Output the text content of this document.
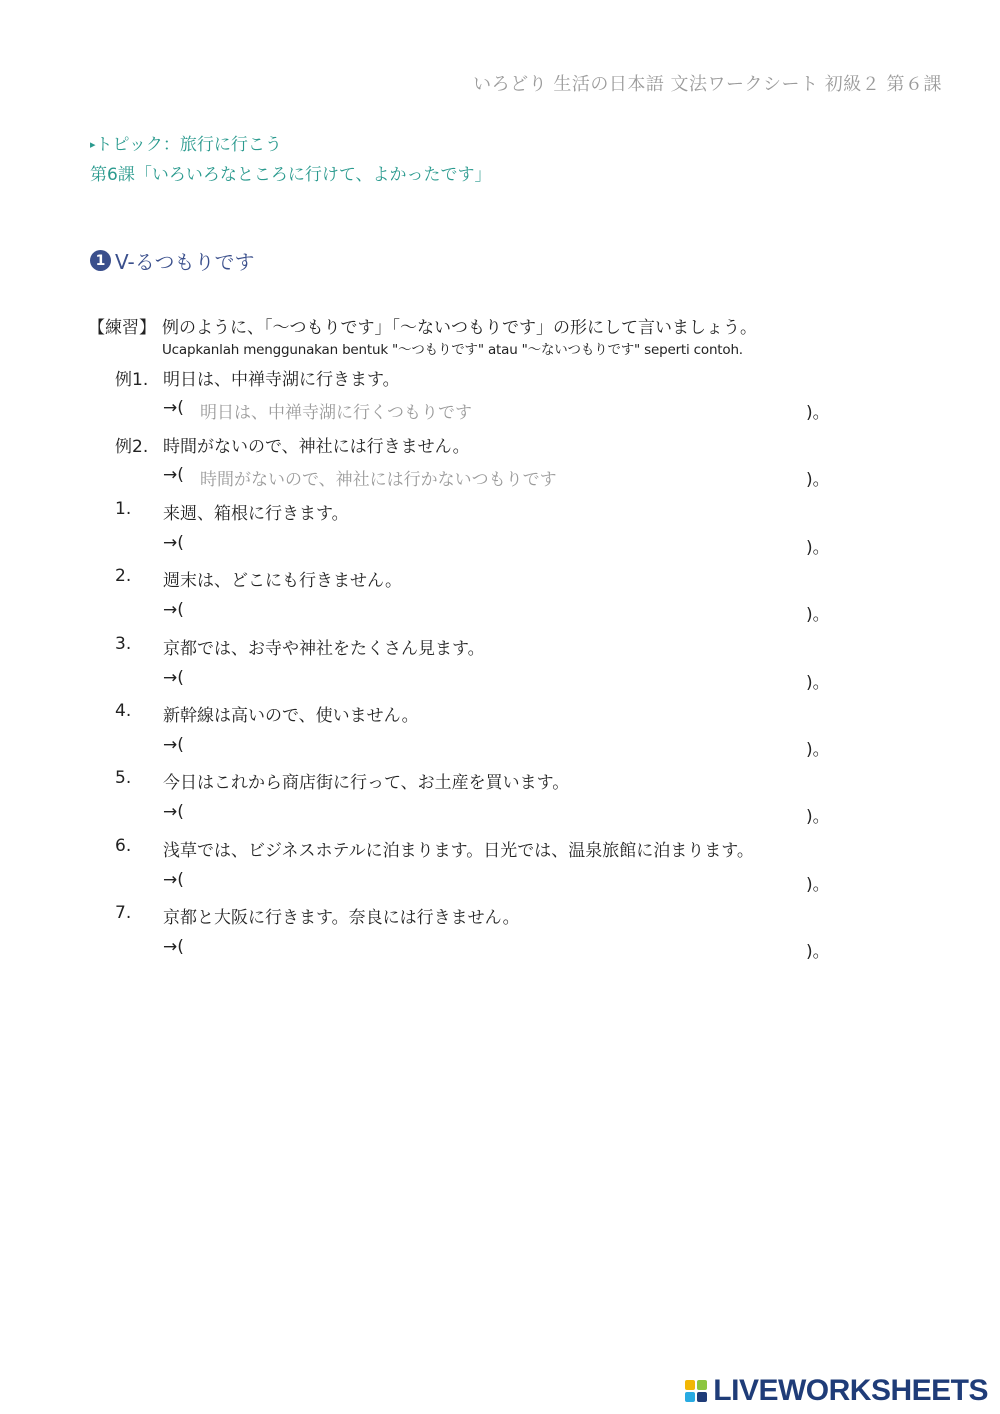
いろどり 生活の日本語 文法ワークシート 初級２ 第６課
▸トピック：旅行に行こう
第6課「いろいろなところに行けて、よかったです」
1 V-るつもりです
【練習】 例のように、「～つもりです」「～ないつもりです」の形にして言いましょう。
Ucapkanlah menggunakan bentuk "～つもりです" atau "～ないつもりです" seperti contoh.
例1. 明日は、中禅寺湖に行きます。
→( 明日は、中禅寺湖に行くつもりです	)。
例2. 時間がないので、神社には行きません。
→( 時間がないので、神社には行かないつもりです	)。
1. 来週、箱根に行きます。
→(	)。
2. 週末は、どこにも行きません。
→(	)。
3. 京都では、お寺や神社をたくさん見ます。
→(	)。
4. 新幹線は高いので、使いません。
→(	)。
5. 今日はこれから商店街に行って、お土産を買います。
→(	)。
6. 浅草では、ビジネスホテルに泊まります。日光では、温泉旅館に泊まります。
→(	)。
7. 京都と大阪に行きます。奈良には行きません。
→(	)。
LIVEWORKSHEETS
